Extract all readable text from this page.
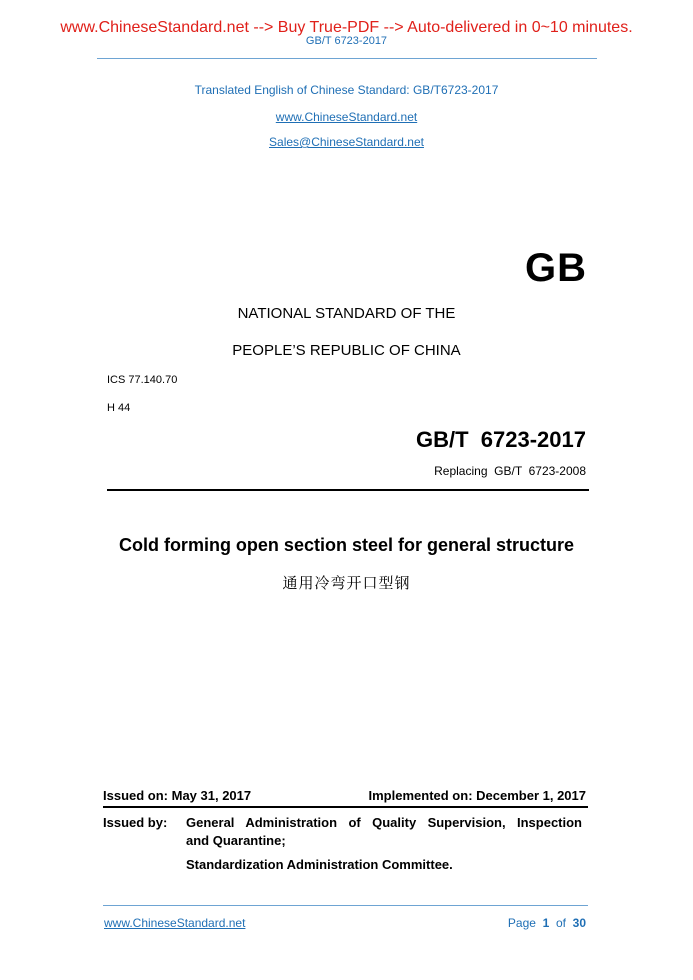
www.ChineseStandard.net --> Buy True-PDF --> Auto-delivered in 0~10 minutes.
GB/T 6723-2017
Translated English of Chinese Standard: GB/T6723-2017
www.ChineseStandard.net
Sales@ChineseStandard.net
GB
NATIONAL STANDARD OF THE
PEOPLE’S REPUBLIC OF CHINA
ICS 77.140.70
H 44
GB/T  6723-2017
Replacing  GB/T  6723-2008
Cold forming open section steel for general structure
通用冷弯开口型钢
Issued on: May 31, 2017	Implemented on: December 1, 2017
Issued by: General Administration of Quality Supervision, Inspection
and Quarantine;
Standardization Administration Committee.
www.ChineseStandard.net	Page 1 of 30
